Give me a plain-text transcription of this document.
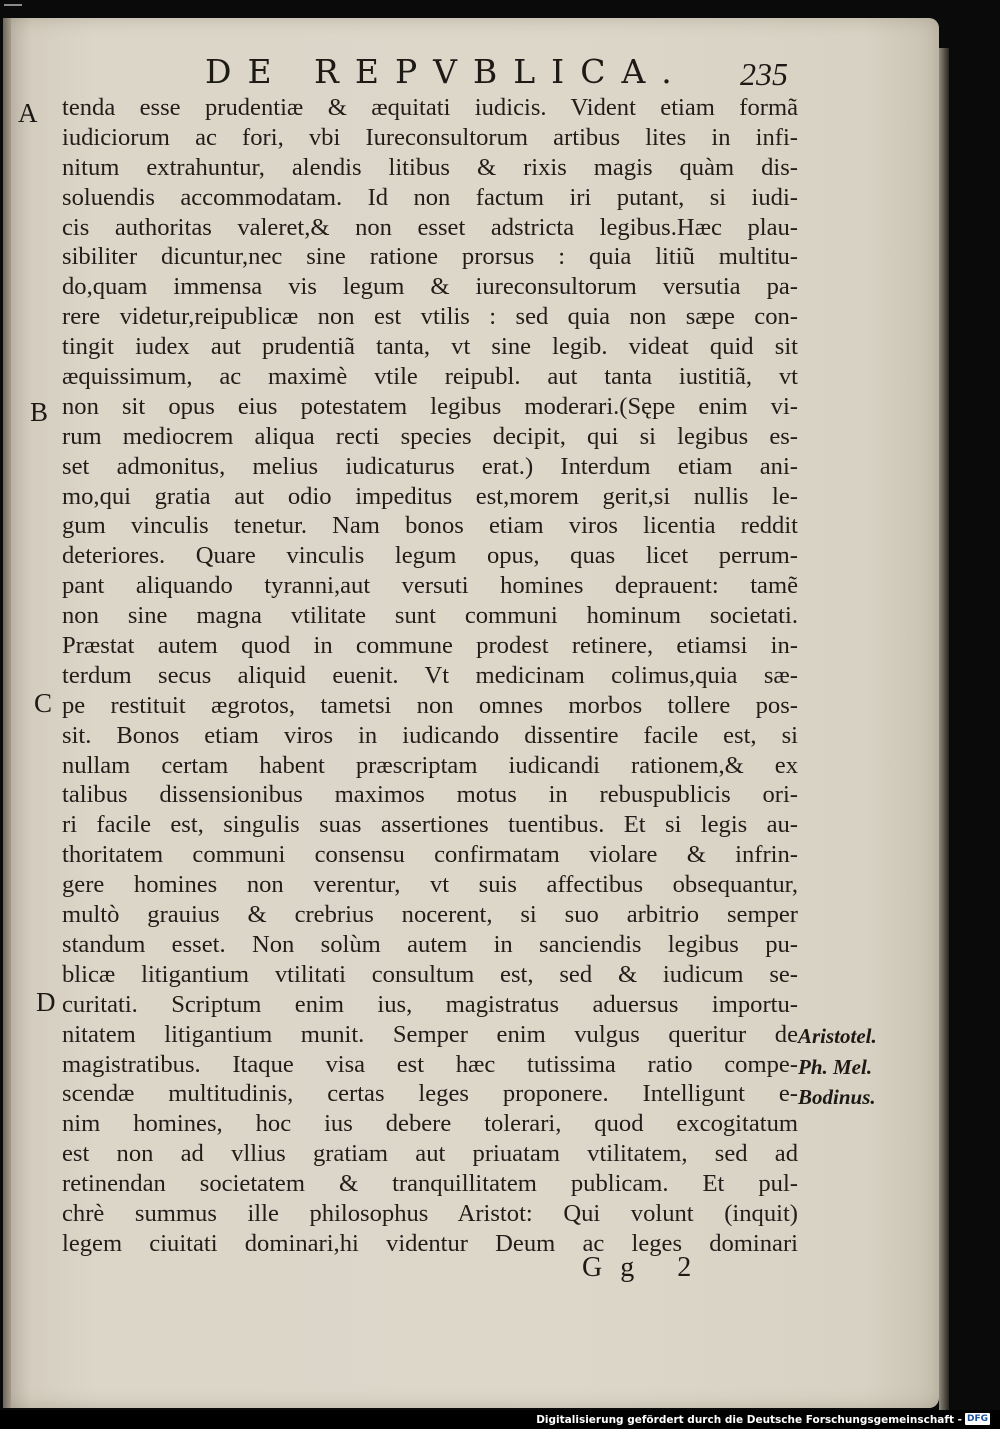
DE REPVBLICA. 235
A
B
C
D
tenda esse prudentiæ & æquitati iudicis. Vident etiam formã
iudiciorum ac fori, vbi Iureconsultorum artibus lites in infi-
nitum extrahuntur, alendis litibus & rixis magis quàm dis-
soluendis accommodatam. Id non factum iri putant, si iudi-
cis authoritas valeret,& non esset adstricta legibus.Hæc plau-
sibiliter dicuntur,nec sine ratione prorsus : quia litiũ multitu-
do,quam immensa vis legum & iureconsultorum versutia pa-
rere videtur,reipublicæ non est vtilis : sed quia non sæpe con-
tingit iudex aut prudentiã tanta, vt sine legib. videat quid sit
æquissimum, ac maximè vtile reipubl. aut tanta iustitiã, vt
non sit opus eius potestatem legibus moderari.(Sępe enim vi-
rum mediocrem aliqua recti species decipit, qui si legibus es-
set admonitus, melius iudicaturus erat.) Interdum etiam ani-
mo,qui gratia aut odio impeditus est,morem gerit,si nullis le-
gum vinculis tenetur. Nam bonos etiam viros licentia reddit
deteriores. Quare vinculis legum opus, quas licet perrum-
pant aliquando tyranni,aut versuti homines deprauent: tamẽ
non sine magna vtilitate sunt communi hominum societati.
Præstat autem quod in commune prodest retinere, etiamsi in-
terdum secus aliquid euenit. Vt medicinam colimus,quia sæ-
pe restituit ægrotos, tametsi non omnes morbos tollere pos-
sit. Bonos etiam viros in iudicando dissentire facile est, si
nullam certam habent præscriptam iudicandi rationem,& ex
talibus dissensionibus maximos motus in rebuspublicis ori-
ri facile est, singulis suas assertiones tuentibus. Et si legis au-
thoritatem communi consensu confirmatam violare & infrin-
gere homines non verentur, vt suis affectibus obsequantur,
multò grauius & crebrius nocerent, si suo arbitrio semper
standum esset. Non solùm autem in sanciendis legibus pu-
blicæ litigantium vtilitati consultum est, sed & iudicum se-
curitati. Scriptum enim ius, magistratus aduersus importu-
nitatem litigantium munit. Semper enim vulgus queritur de
magistratibus. Itaque visa est hæc tutissima ratio compe-
scendæ multitudinis, certas leges proponere. Intelligunt e-
nim homines, hoc ius debere tolerari, quod excogitatum
est non ad vllius gratiam aut priuatam vtilitatem, sed ad
retinendan societatem & tranquillitatem publicam. Et pul-
chrè summus ille philosophus Aristot: Qui volunt (inquit)
legem ciuitati dominari,hi videntur Deum ac leges dominari
Aristotel.
Ph. Mel.
Bodinus.
Gg 2
Digitalisierung gefördert durch die Deutsche Forschungsgemeinschaft - DFG
